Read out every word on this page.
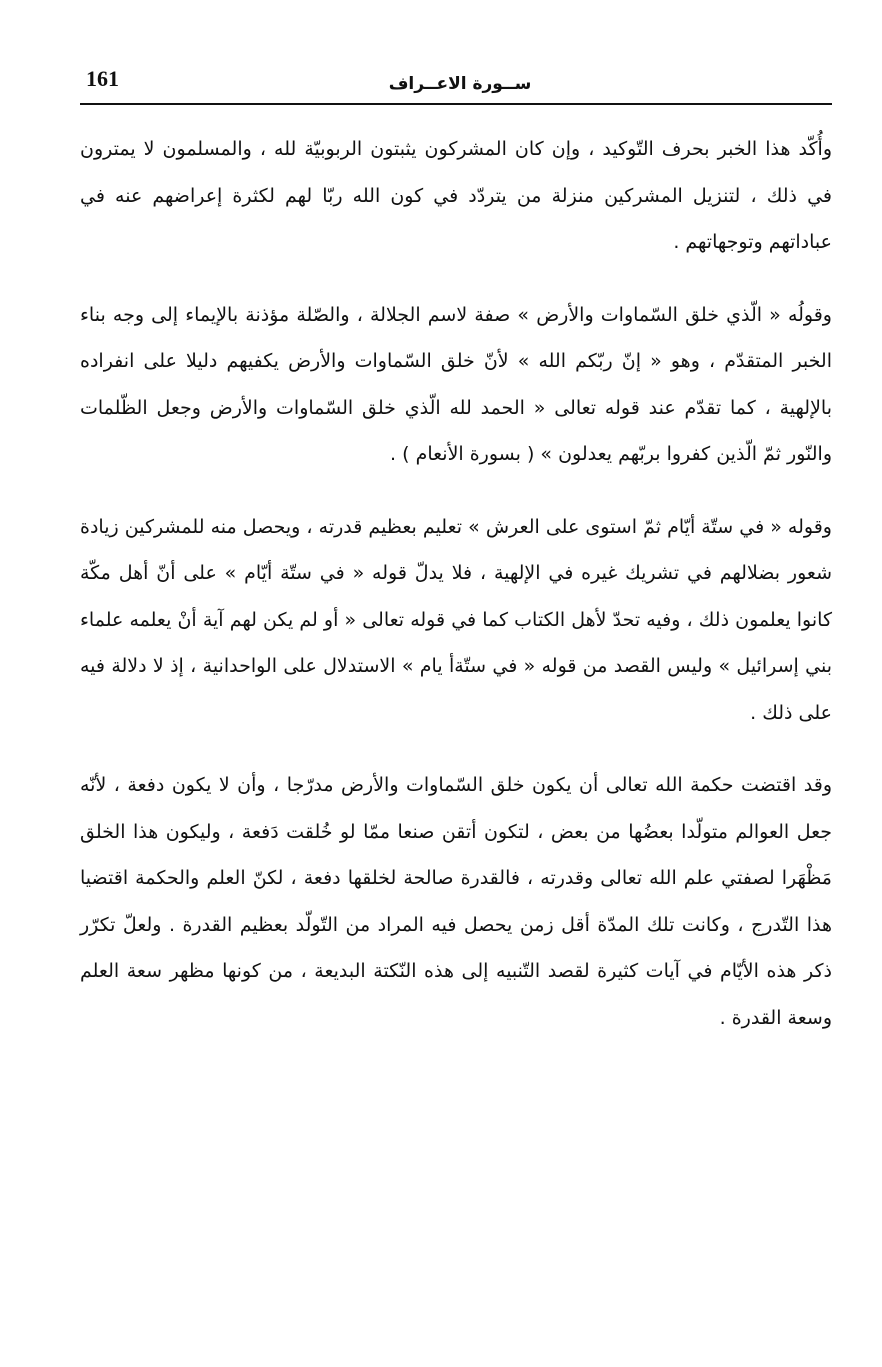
161	ســورة الاعــراف

وأُكّد هذا الخبر بحرف التّوكيد ، وإن كان المشركون يثبتون الربوبيّة لله ، والمسلمون لا يمترون في ذلك ، لتنزيل المشركين منزلة من يتردّد في كون الله ربّا لهم لكثرة إعراضهم عنه في عباداتهم وتوجهاتهم .

وقولُه « الّذي خلق السّماوات والأرض » صفة لاسم الجلالة ، والصّلة مؤذنة بالإيماء إلى وجه بناء الخبر المتقدّم ، وهو « إنّ ربّكم الله » لأنّ خلق السّماوات والأرض يكفيهم دليلا على انفراده بالإلهية ، كما تقدّم عند قوله تعالى « الحمد لله الّذي خلق السّماوات والأرض وجعل الظّلمات والنّور ثمّ الّذين كفروا بربّهم يعدلون » ( بسورة الأنعام ) .

وقوله « في ستّة أيّام ثمّ استوى على العرش » تعليم بعظيم قدرته ، ويحصل منه للمشركين زيادة شعور بضلالهم في تشريك غيره في الإلهية ، فلا يدلّ قوله « في ستّة أيّام » على أنّ أهل مكّة كانوا يعلمون ذلك ، وفيه تحدّ لأهل الكتاب كما في قوله تعالى « أو لم يكن لهم آية أنْ يعلمه علماء بني إسرائيل » وليس القصد من قوله « في ستّةأ يام » الاستدلال على الواحدانية ، إذ لا دلالة فيه على ذلك .

وقد اقتضت حكمة الله تعالى أن يكون خلق السّماوات والأرض مدرّجا ، وأن لا يكون دفعة ، لأنّه جعل العوالم متولّدا بعضُها من بعض ، لتكون أتقن صنعا ممّا لو خُلقت دَفعة ، وليكون هذا الخلق مَظْهَرا لصفتي علم الله تعالى وقدرته ، فالقدرة صالحة لخلقها دفعة ، لكنّ العلم والحكمة اقتضيا هذا التّدرج ، وكانت تلك المدّة أقل زمن يحصل فيه المراد من التّولّد بعظيم القدرة . ولعلّ تكرّر ذكر هذه الأيّام في آيات كثيرة لقصد التّنبيه إلى هذه النّكتة البديعة ، من كونها مظهر سعة العلم وسعة القدرة .
